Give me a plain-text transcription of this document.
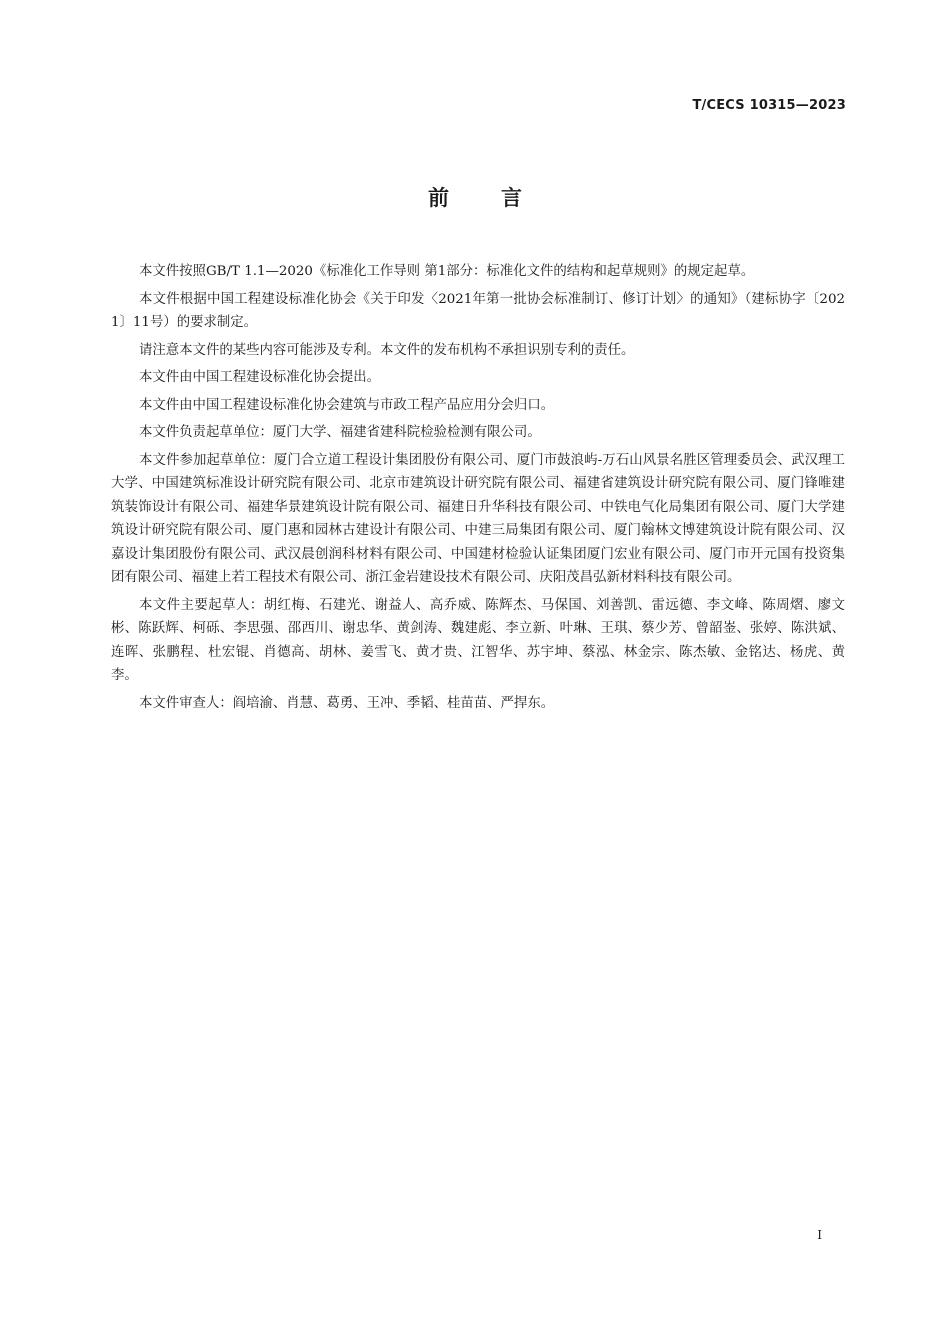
T/CECS 10315—2023
前言

本文件按照GB/T 1.1—2020《标准化工作导则 第1部分：标准化文件的结构和起草规则》的规定起草。

本文件根据中国工程建设标准化协会《关于印发〈2021年第一批协会标准制订、修订计划〉的通知》（建标协字〔2021〕11号）的要求制定。

请注意本文件的某些内容可能涉及专利。本文件的发布机构不承担识别专利的责任。

本文件由中国工程建设标准化协会提出。

本文件由中国工程建设标准化协会建筑与市政工程产品应用分会归口。

本文件负责起草单位：厦门大学、福建省建科院检验检测有限公司。

本文件参加起草单位：厦门合立道工程设计集团股份有限公司、厦门市鼓浪屿-万石山风景名胜区管理委员会、武汉理工大学、中国建筑标准设计研究院有限公司、北京市建筑设计研究院有限公司、福建省建筑设计研究院有限公司、厦门锋唯建筑装饰设计有限公司、福建华景建筑设计院有限公司、福建日升华科技有限公司、中铁电气化局集团有限公司、厦门大学建筑设计研究院有限公司、厦门惠和园林古建设计有限公司、中建三局集团有限公司、厦门翰林文博建筑设计院有限公司、汉嘉设计集团股份有限公司、武汉晨创润科材料有限公司、中国建材检验认证集团厦门宏业有限公司、厦门市开元国有投资集团有限公司、福建上若工程技术有限公司、浙江金岩建设技术有限公司、庆阳茂昌弘新材料科技有限公司。

本文件主要起草人：胡红梅、石建光、谢益人、高乔威、陈辉杰、马保国、刘善凯、雷远德、李文峰、陈周熠、廖文彬、陈跃辉、柯砾、李思强、邵西川、谢忠华、黄剑涛、魏建彪、李立新、叶琳、王琪、蔡少芳、曾韶崟、张婷、陈洪斌、连晖、张鹏程、杜宏锟、肖德高、胡林、姜雪飞、黄才贵、江智华、苏宇坤、蔡泓、林金宗、陈杰敏、金铭达、杨虎、黄李。

本文件审查人：阎培渝、肖慧、葛勇、王冲、季韬、桂苗苗、严捍东。

I
